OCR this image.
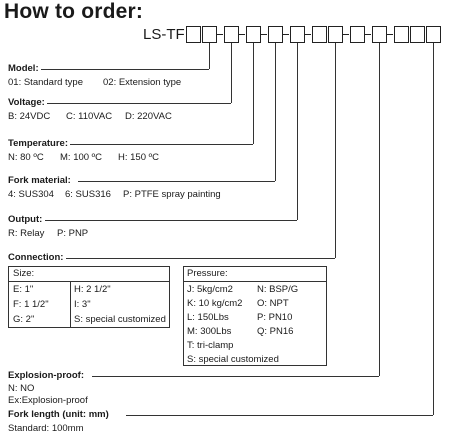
How to order:
LS-TF
Model:
01: Standard type 02: Extension type
Voltage:
B: 24VDC C: 110VAC D: 220VAC
Temperature:
N: 80 ºC M: 100 ºC H: 150 ºC
Fork material:
4: SUS304 6: SUS316 P: PTFE spray painting
Output:
R: Relay P: PNP
Connection:
Size:
E: 1"	H: 2 1/2"
F: 1 1/2"	I: 3"
G: 2"	S: special customized
Pressure:
J: 5kg/cm2	N: BSP/G
K: 10 kg/cm2 O: NPT
L: 150Lbs	P: PN10
M: 300Lbs	Q: PN16
T: tri-clamp
S: special customized
Explosion-proof:
N: NO
Ex:Explosion-proof
Fork length (unit: mm)
Standard: 100mm
